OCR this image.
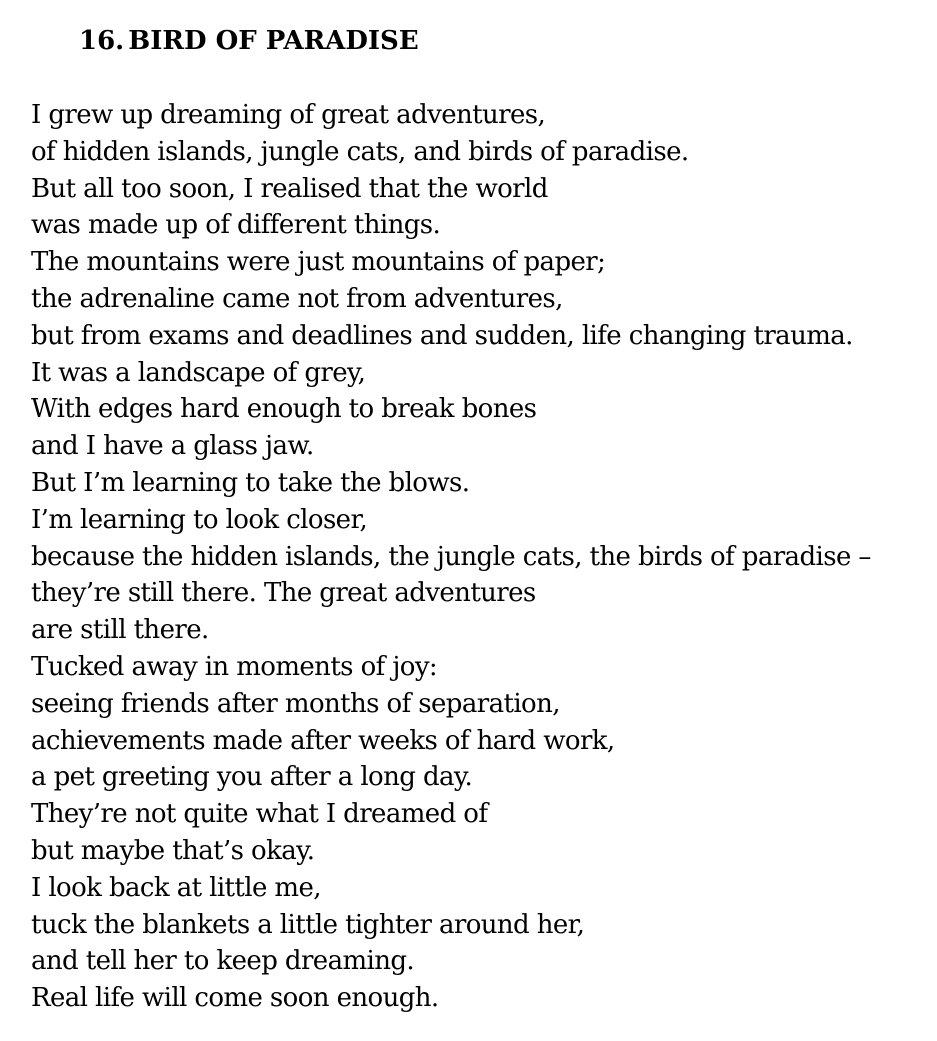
16. BIRD OF PARADISE
I grew up dreaming of great adventures,
of hidden islands, jungle cats, and birds of paradise.
But all too soon, I realised that the world
was made up of different things.
The mountains were just mountains of paper;
the adrenaline came not from adventures,
but from exams and deadlines and sudden, life changing trauma.
It was a landscape of grey,
With edges hard enough to break bones
and I have a glass jaw.
But I’m learning to take the blows.
I’m learning to look closer,
because the hidden islands, the jungle cats, the birds of paradise –
they’re still there. The great adventures
are still there.
Tucked away in moments of joy:
seeing friends after months of separation,
achievements made after weeks of hard work,
a pet greeting you after a long day.
They’re not quite what I dreamed of
but maybe that’s okay.
I look back at little me,
tuck the blankets a little tighter around her,
and tell her to keep dreaming.
Real life will come soon enough.
